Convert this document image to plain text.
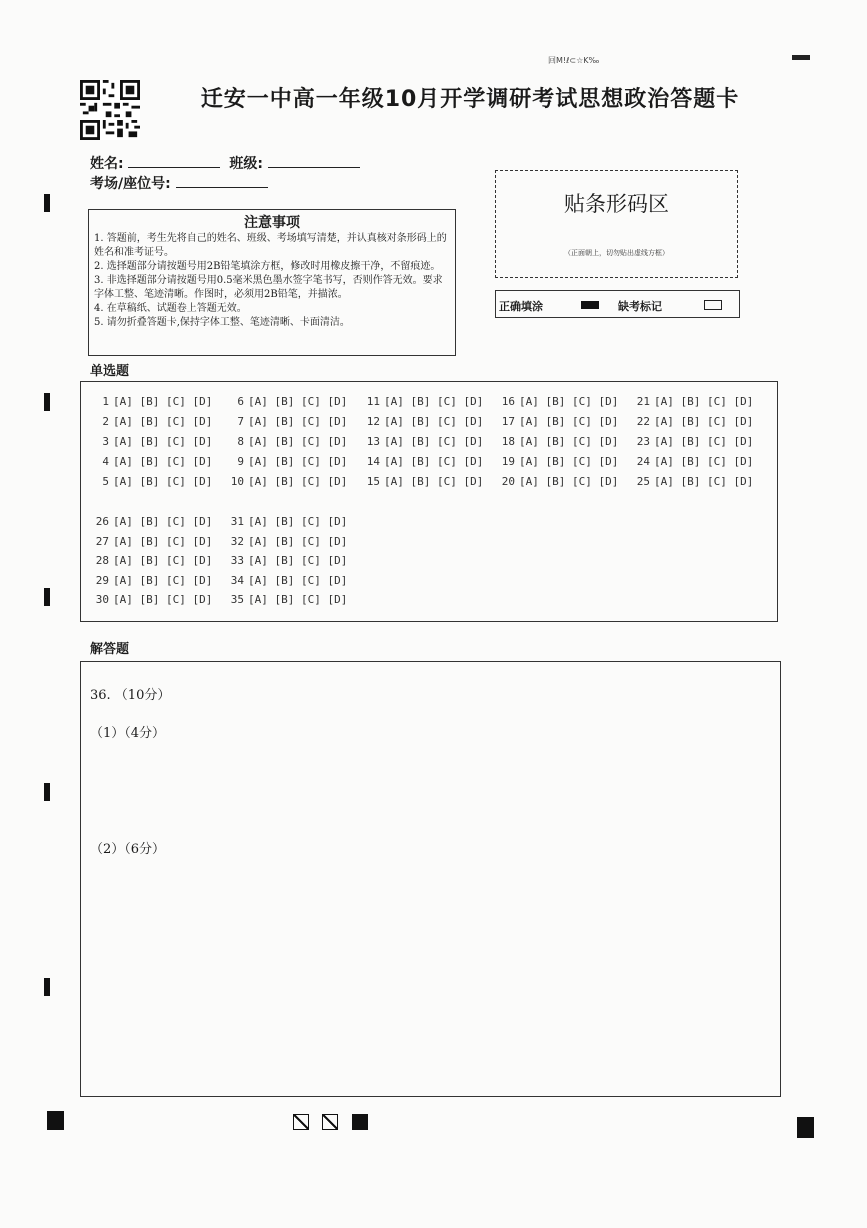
回M!ℓ⊂☆K‰
迁安一中高一年级10月开学调研考试思想政治答题卡
姓名:	班级:
考场/座位号:
贴条形码区
（正面朝上，切勿贴出虚线方框）
正确填涂	缺考标记
注意事项
1. 答题前，考生先将自己的姓名、班级、考场填写清楚，并认真核对条形码上的姓名和准考证号。
2. 选择题部分请按题号用2B铅笔填涂方框，修改时用橡皮擦干净，不留痕迹。
3. 非选择题部分请按题号用0.5毫米黑色墨水签字笔书写，否则作答无效。要求字体工整、笔迹清晰。作图时，必须用2B铅笔，并描浓。
4. 在草稿纸、试题卷上答题无效。
5. 请勿折叠答题卡,保持字体工整、笔迹清晰、卡面清洁。
单选题
1 [A] [B] [C] [D]
2 [A] [B] [C] [D]
3 [A] [B] [C] [D]
4 [A] [B] [C] [D]
5 [A] [B] [C] [D]
6 [A] [B] [C] [D]
7 [A] [B] [C] [D]
8 [A] [B] [C] [D]
9 [A] [B] [C] [D]
10 [A] [B] [C] [D]
11 [A] [B] [C] [D]
12 [A] [B] [C] [D]
13 [A] [B] [C] [D]
14 [A] [B] [C] [D]
15 [A] [B] [C] [D]
16 [A] [B] [C] [D]
17 [A] [B] [C] [D]
18 [A] [B] [C] [D]
19 [A] [B] [C] [D]
20 [A] [B] [C] [D]
21 [A] [B] [C] [D]
22 [A] [B] [C] [D]
23 [A] [B] [C] [D]
24 [A] [B] [C] [D]
25 [A] [B] [C] [D]
26 [A] [B] [C] [D]
27 [A] [B] [C] [D]
28 [A] [B] [C] [D]
29 [A] [B] [C] [D]
30 [A] [B] [C] [D]
31 [A] [B] [C] [D]
32 [A] [B] [C] [D]
33 [A] [B] [C] [D]
34 [A] [B] [C] [D]
35 [A] [B] [C] [D]
解答题
36. （10分）
（1）（4分）
（2）（6分）
